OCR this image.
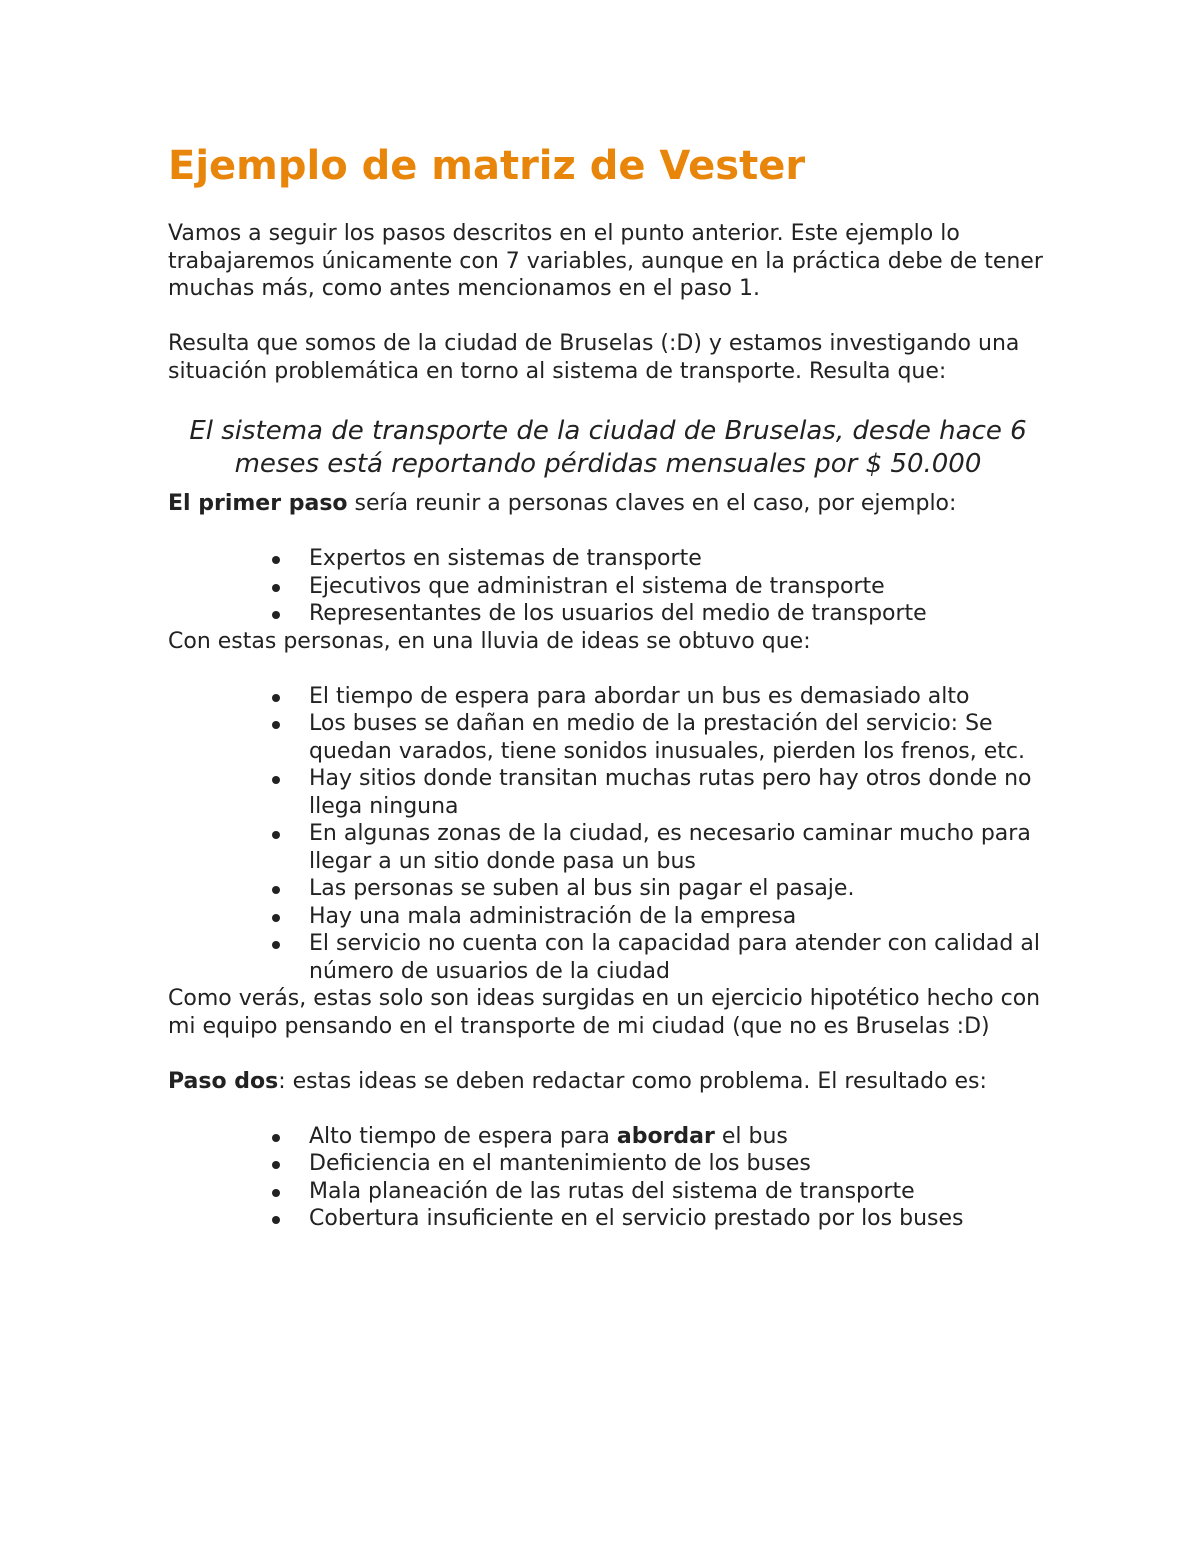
Ejemplo de matriz de Vester

Vamos a seguir los pasos descritos en el punto anterior. Este ejemplo lo trabajaremos únicamente con 7 variables, aunque en la práctica debe de tener muchas más, como antes mencionamos en el paso 1.

Resulta que somos de la ciudad de Bruselas (:D) y estamos investigando una situación problemática en torno al sistema de transporte. Resulta que:

El sistema de transporte de la ciudad de Bruselas, desde hace 6 meses está reportando pérdidas mensuales por $ 50.000

El primer paso sería reunir a personas claves en el caso, por ejemplo:

Expertos en sistemas de transporte
Ejecutivos que administran el sistema de transporte
Representantes de los usuarios del medio de transporte

Con estas personas, en una lluvia de ideas se obtuvo que:

El tiempo de espera para abordar un bus es demasiado alto
Los buses se dañan en medio de la prestación del servicio: Se quedan varados, tiene sonidos inusuales, pierden los frenos, etc.
Hay sitios donde transitan muchas rutas pero hay otros donde no llega ninguna
En algunas zonas de la ciudad, es necesario caminar mucho para llegar a un sitio donde pasa un bus
Las personas se suben al bus sin pagar el pasaje.
Hay una mala administración de la empresa
El servicio no cuenta con la capacidad para atender con calidad al número de usuarios de la ciudad

Como verás, estas solo son ideas surgidas en un ejercicio hipotético hecho con mi equipo pensando en el transporte de mi ciudad (que no es Bruselas :D)

Paso dos: estas ideas se deben redactar como problema. El resultado es:

Alto tiempo de espera para abordar el bus
Deficiencia en el mantenimiento de los buses
Mala planeación de las rutas del sistema de transporte
Cobertura insuficiente en el servicio prestado por los buses
